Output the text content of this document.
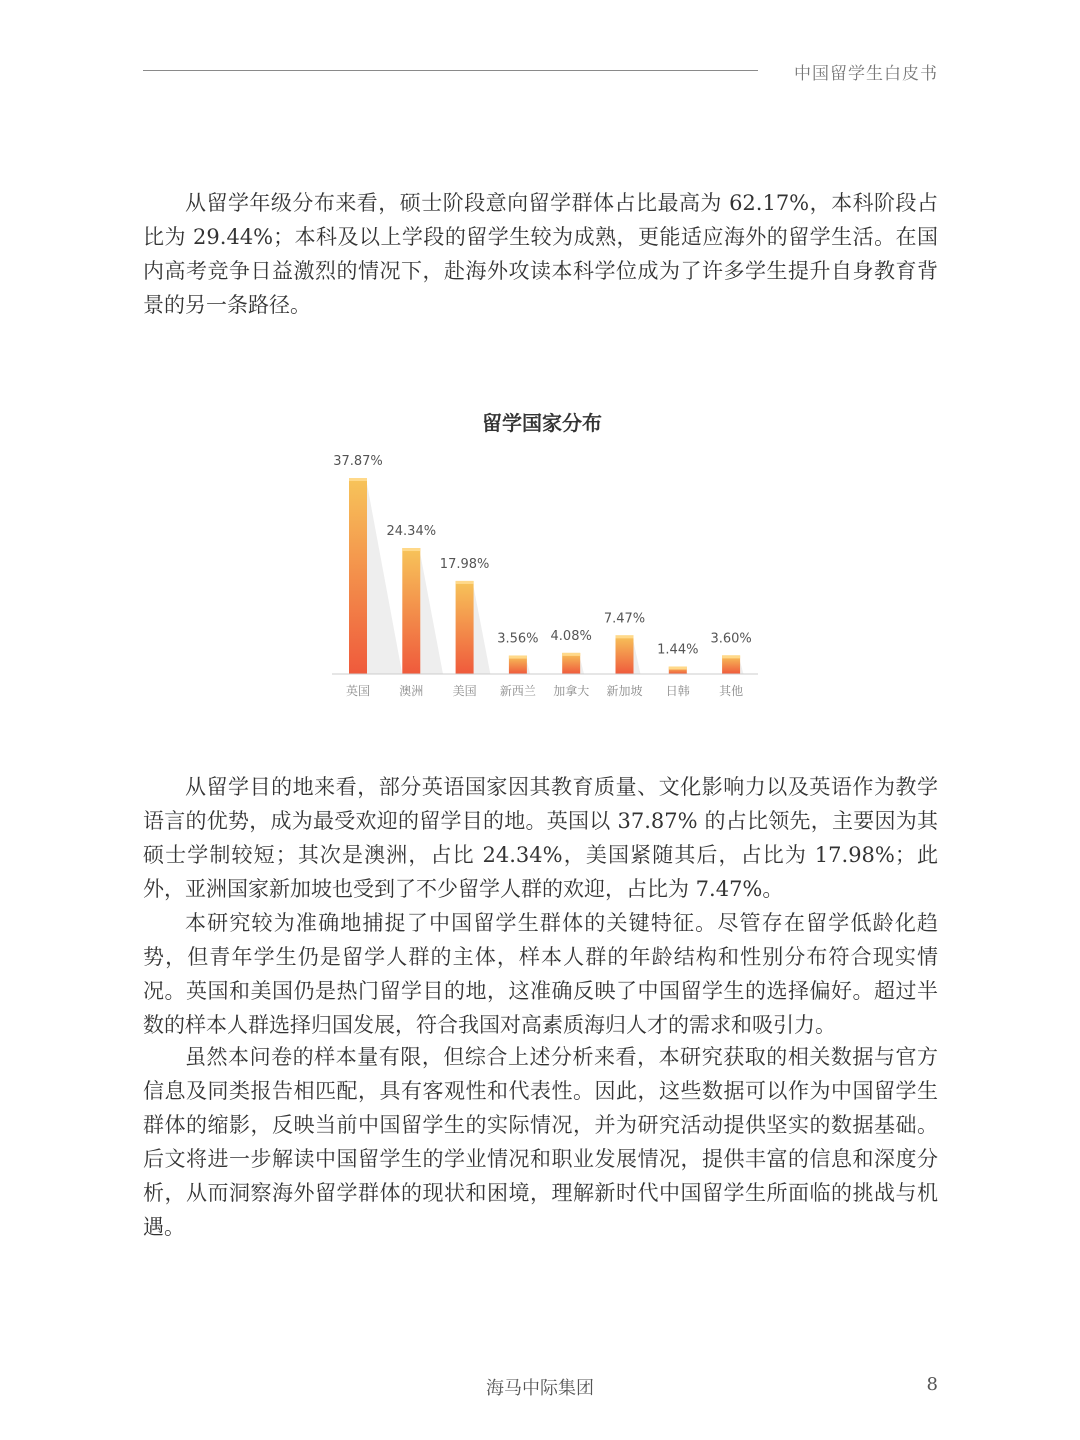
中国留学生白皮书

从留学年级分布来看，硕士阶段意向留学群体占比最高为 62.17%，本科阶段占比为 29.44%；本科及以上学段的留学生较为成熟，更能适应海外的留学生活。在国内高考竞争日益激烈的情况下，赴海外攻读本科学位成为了许多学生提升自身教育背景的另一条路径。

留学国家分布
37.87%
英国
24.34%
澳洲
17.98%
美国
3.56%
新西兰
4.08%
加拿大
7.47%
新加坡
1.44%
日韩
3.60%
其他

从留学目的地来看，部分英语国家因其教育质量、文化影响力以及英语作为教学语言的优势，成为最受欢迎的留学目的地。英国以 37.87% 的占比领先，主要因为其硕士学制较短；其次是澳洲，占比 24.34%，美国紧随其后，占比为 17.98%；此外，亚洲国家新加坡也受到了不少留学人群的欢迎，占比为 7.47%。

本研究较为准确地捕捉了中国留学生群体的关键特征。尽管存在留学低龄化趋势，但青年学生仍是留学人群的主体，样本人群的年龄结构和性别分布符合现实情况。英国和美国仍是热门留学目的地，这准确反映了中国留学生的选择偏好。超过半数的样本人群选择归国发展，符合我国对高素质海归人才的需求和吸引力。

虽然本问卷的样本量有限，但综合上述分析来看，本研究获取的相关数据与官方信息及同类报告相匹配，具有客观性和代表性。因此，这些数据可以作为中国留学生群体的缩影，反映当前中国留学生的实际情况，并为研究活动提供坚实的数据基础。后文将进一步解读中国留学生的学业情况和职业发展情况，提供丰富的信息和深度分析，从而洞察海外留学群体的现状和困境，理解新时代中国留学生所面临的挑战与机遇。

海马中际集团	8
